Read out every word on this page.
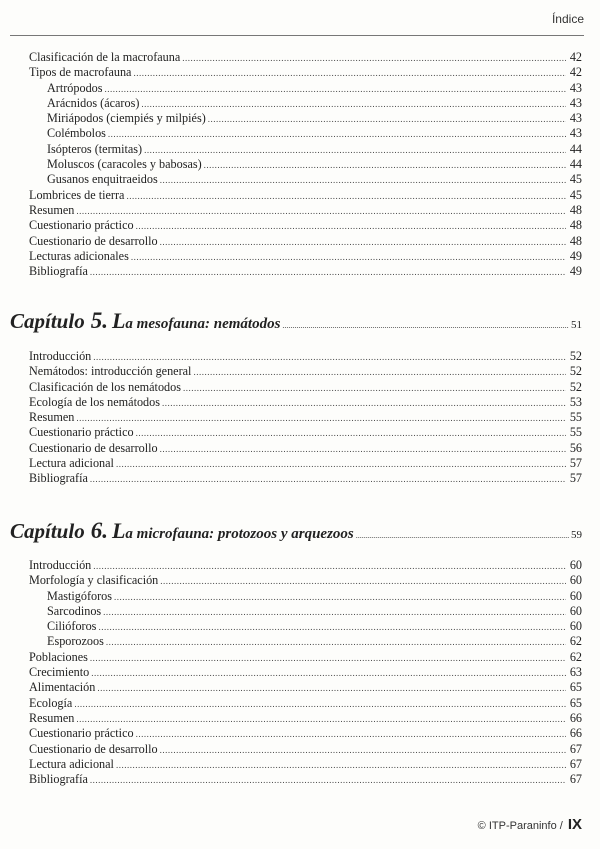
Índice
Clasificación de la macrofauna .....	42
Tipos de macrofauna .....	42
Artrópodos .....	43
Arácnidos (ácaros) .....	43
Miriápodos (ciempiés y milpiés) .....	43
Colémbolos .....	43
Isópteros (termitas) .....	44
Moluscos (caracoles y babosas) .....	44
Gusanos enquitraeidos .....	45
Lombrices de tierra .....	45
Resumen .....	48
Cuestionario práctico .....	48
Cuestionario de desarrollo .....	48
Lecturas adicionales .....	49
Bibliografía .....	49
Capítulo 5. La mesofauna: nemátodos .....	51
Introducción .....	52
Nemátodos: introducción general .....	52
Clasificación de los nemátodos .....	52
Ecología de los nemátodos .....	53
Resumen .....	55
Cuestionario práctico .....	55
Cuestionario de desarrollo .....	56
Lectura adicional .....	57
Bibliografía .....	57
Capítulo 6. La microfauna: protozoos y arquezoos .....	59
Introducción .....	60
Morfología y clasificación .....	60
Mastigóforos .....	60
Sarcodinos .....	60
Cilióforos .....	60
Esporozoos .....	62
Poblaciones .....	62
Crecimiento .....	63
Alimentación .....	65
Ecología .....	65
Resumen .....	66
Cuestionario práctico .....	66
Cuestionario de desarrollo .....	67
Lectura adicional .....	67
Bibliografía .....	67
© ITP-Paraninfo / IX
